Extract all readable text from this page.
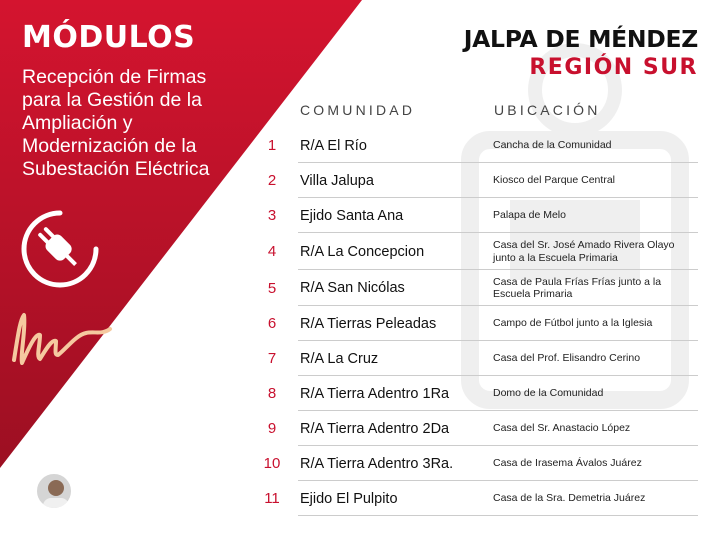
MÓDULOS
Recepción de Firmas
para la Gestión de la
Ampliación y
Modernización de la
Subestación Eléctrica
CHUCHO
SELVÁN
JALPA DE MÉNDEZ
REGIÓN SUR
COMUNIDAD	UBICACIÓN
1	R/A El Río	Cancha de la Comunidad
2	Villa Jalupa	Kiosco del Parque Central
3	Ejido Santa Ana	Palapa de Melo
4	R/A La Concepcion	Casa del Sr. José Amado Rivera Olayo junto a la Escuela Primaria
5	R/A San Nicólas	Casa de Paula Frías Frías junto a la Escuela Primaria
6	R/A Tierras Peleadas	Campo de Fútbol junto a la Iglesia
7	R/A La Cruz	Casa del Prof. Elisandro Cerino
8	R/A Tierra Adentro 1Ra	Domo de la Comunidad
9	R/A Tierra Adentro 2Da	Casa del Sr. Anastacio López
10	R/A Tierra Adentro 3Ra.	Casa de Irasema Ávalos Juárez
11	Ejido El Pulpito	Casa de la Sra. Demetria Juárez
